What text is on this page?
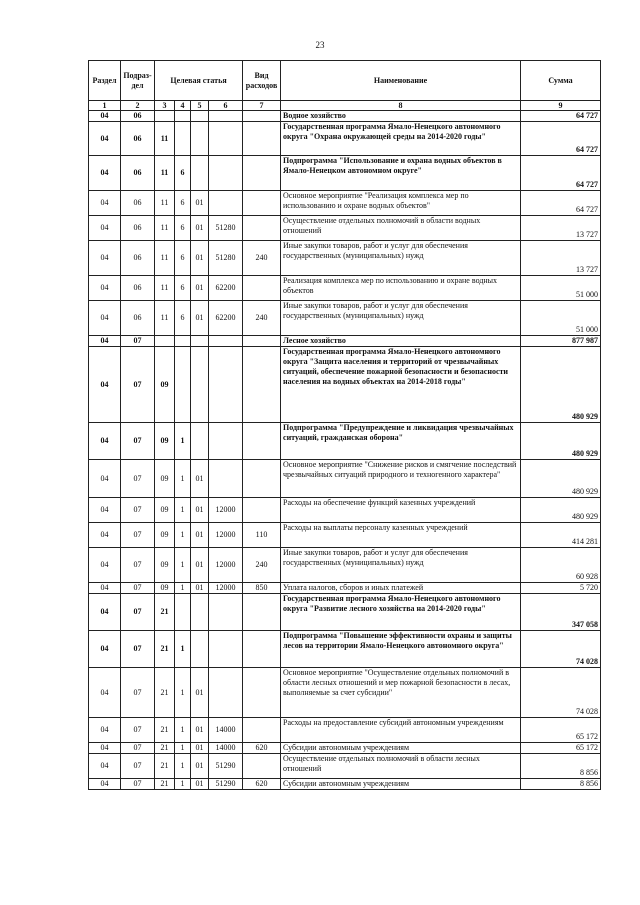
23
Раздел	Подраз-дел	Целевая статья				Вид расходов	Наименование	Сумма
1	2	3	4	5	6	7	8	9
04	06						Водное хозяйство	64 727
04	06	11					Государственная программа Ямало-Ненецкого автономного округа "Охрана окружающей среды на 2014-2020 годы"	64 727
04	06	11	6				Подпрограмма "Использование и охрана водных объектов в Ямало-Ненецком автономном округе"	64 727
04	06	11	6	01			Основное мероприятие "Реализация комплекса мер по использованию и охране водных объектов"	64 727
04	06	11	6	01	51280		Осуществление отдельных полномочий в области водных отношений	13 727
04	06	11	6	01	51280	240	Иные закупки товаров, работ и услуг для обеспечения государственных (муниципальных) нужд	13 727
04	06	11	6	01	62200		Реализация комплекса мер по использованию и охране водных объектов	51 000
04	06	11	6	01	62200	240	Иные закупки товаров, работ и услуг для обеспечения государственных (муниципальных) нужд	51 000
04	07						Лесное хозяйство	877 987
04	07	09					Государственная программа Ямало-Ненецкого автономного округа "Защита населения и территорий от чрезвычайных ситуаций, обеспечение пожарной безопасности и безопасности населения на водных объектах на 2014-2018 годы"	480 929
04	07	09	1				Подпрограмма "Предупреждение и ликвидация чрезвычайных ситуаций, гражданская оборона"	480 929
04	07	09	1	01			Основное мероприятие "Снижение рисков и смягчение последствий чрезвычайных ситуаций природного и техногенного характера"	480 929
04	07	09	1	01	12000		Расходы на обеспечение функций казенных учреждений	480 929
04	07	09	1	01	12000	110	Расходы на выплаты персоналу казенных учреждений	414 281
04	07	09	1	01	12000	240	Иные закупки товаров, работ и услуг для обеспечения государственных (муниципальных) нужд	60 928
04	07	09	1	01	12000	850	Уплата налогов, сборов и иных платежей	5 720
04	07	21					Государственная программа Ямало-Ненецкого автономного округа "Развитие лесного хозяйства на 2014-2020 годы"	347 058
04	07	21	1				Подпрограмма "Повышение эффективности охраны и защиты лесов на территории Ямало-Ненецкого автономного округа"	74 028
04	07	21	1	01			Основное мероприятие "Осуществление отдельных полномочий в области лесных отношений и мер пожарной безопасности в лесах, выполняемые за счет субсидии"	74 028
04	07	21	1	01	14000		Расходы на предоставление субсидий автономным учреждениям	65 172
04	07	21	1	01	14000	620	Субсидии автономным учреждениям	65 172
04	07	21	1	01	51290		Осуществление отдельных полномочий в области лесных отношений	8 856
04	07	21	1	01	51290	620	Субсидии автономным учреждениям	8 856
